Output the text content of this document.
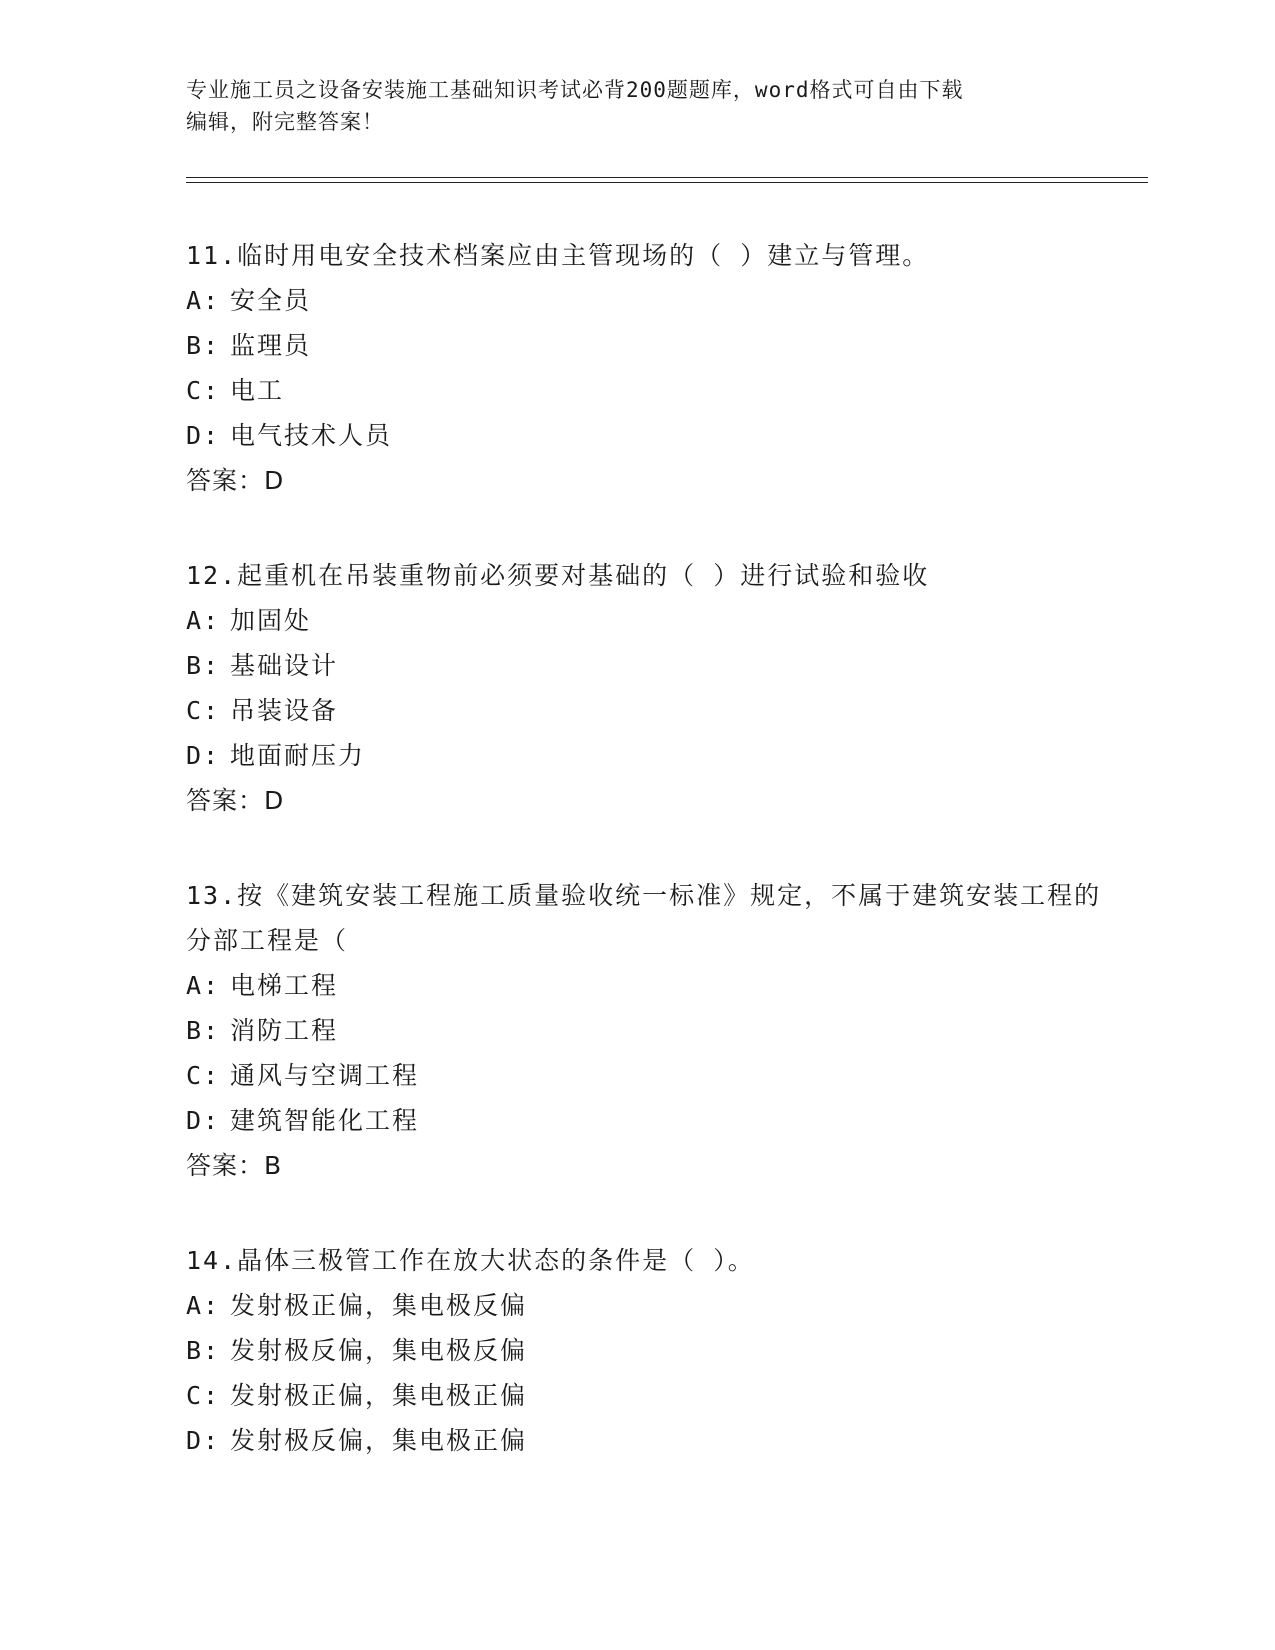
专业施工员之设备安装施工基础知识考试必背200题题库，word格式可自由下载
编辑，附完整答案！
11.临时用电安全技术档案应由主管现场的（ ）建立与管理。
A: 安全员
B: 监理员
C: 电工
D: 电气技术人员
答案：D
12.起重机在吊装重物前必须要对基础的（ ）进行试验和验收
A: 加固处
B: 基础设计
C: 吊装设备
D: 地面耐压力
答案：D
13.按《建筑安装工程施工质量验收统一标准》规定，不属于建筑安装工程的分部工程是（
A: 电梯工程
B: 消防工程
C: 通风与空调工程
D: 建筑智能化工程
答案：B
14.晶体三极管工作在放大状态的条件是（ ）。
A: 发射极正偏，集电极反偏
B: 发射极反偏，集电极反偏
C: 发射极正偏，集电极正偏
D: 发射极反偏，集电极正偏
